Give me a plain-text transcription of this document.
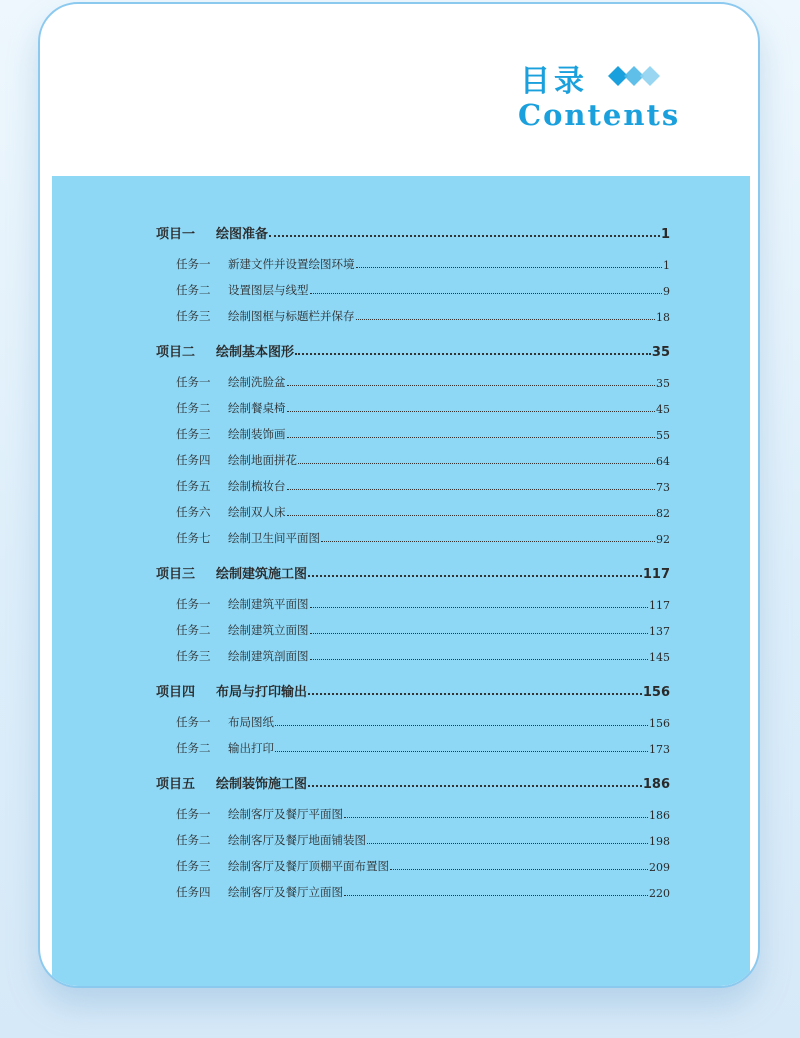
目录
Contents
项目一	绘图准备	1
任务一	新建文件并设置绘图环境	1
任务二	设置图层与线型	9
任务三	绘制图框与标题栏并保存	18
项目二	绘制基本图形	35
任务一	绘制洗脸盆	35
任务二	绘制餐桌椅	45
任务三	绘制装饰画	55
任务四	绘制地面拼花	64
任务五	绘制梳妆台	73
任务六	绘制双人床	82
任务七	绘制卫生间平面图	92
项目三	绘制建筑施工图	117
任务一	绘制建筑平面图	117
任务二	绘制建筑立面图	137
任务三	绘制建筑剖面图	145
项目四	布局与打印输出	156
任务一	布局图纸	156
任务二	输出打印	173
项目五	绘制装饰施工图	186
任务一	绘制客厅及餐厅平面图	186
任务二	绘制客厅及餐厅地面铺装图	198
任务三	绘制客厅及餐厅顶棚平面布置图	209
任务四	绘制客厅及餐厅立面图	220
